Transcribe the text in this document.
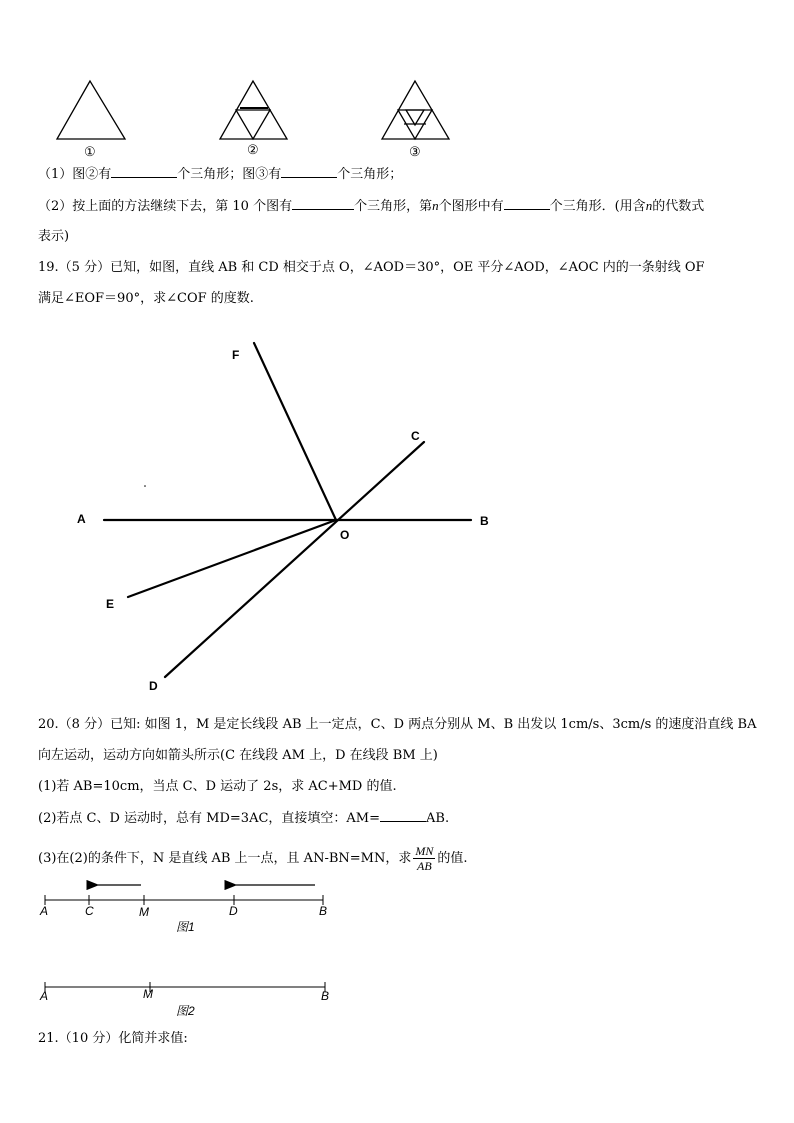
①	②	③
（1）图②有	个三角形；图③有	个三角形；
（2）按上面的方法继续下去，第 10 个图有	个三角形，第n个图形中有	个三角形．(用含n的代数式
表示)
19.（5 分）已知，如图，直线 AB 和 CD 相交于点 O，∠AOD＝30°，OE 平分∠AOD，∠AOC 内的一条射线 OF
满足∠EOF＝90°，求∠COF 的度数.
F
C
A	B
O
E
D
20.（8 分）已知: 如图 1，M 是定长线段 AB 上一定点，C、D 两点分别从 M、B 出发以 1cm/s、3cm/s 的速度沿直线 BA
向左运动，运动方向如箭头所示(C 在线段 AM 上，D 在线段 BM 上)
(1)若 AB=10cm，当点 C、D 运动了 2s，求 AC+MD 的值.
(2)若点 C、D 运动时，总有 MD=3AC，直接填空：AM=	AB.
(3)在(2)的条件下，N 是直线 AB 上一点，且 AN-BN=MN，求 $\frac{MN}{AB}$ 的值.
A	C	M	D	B
图1
A	M	B
图2
21.（10 分）化简并求值:
